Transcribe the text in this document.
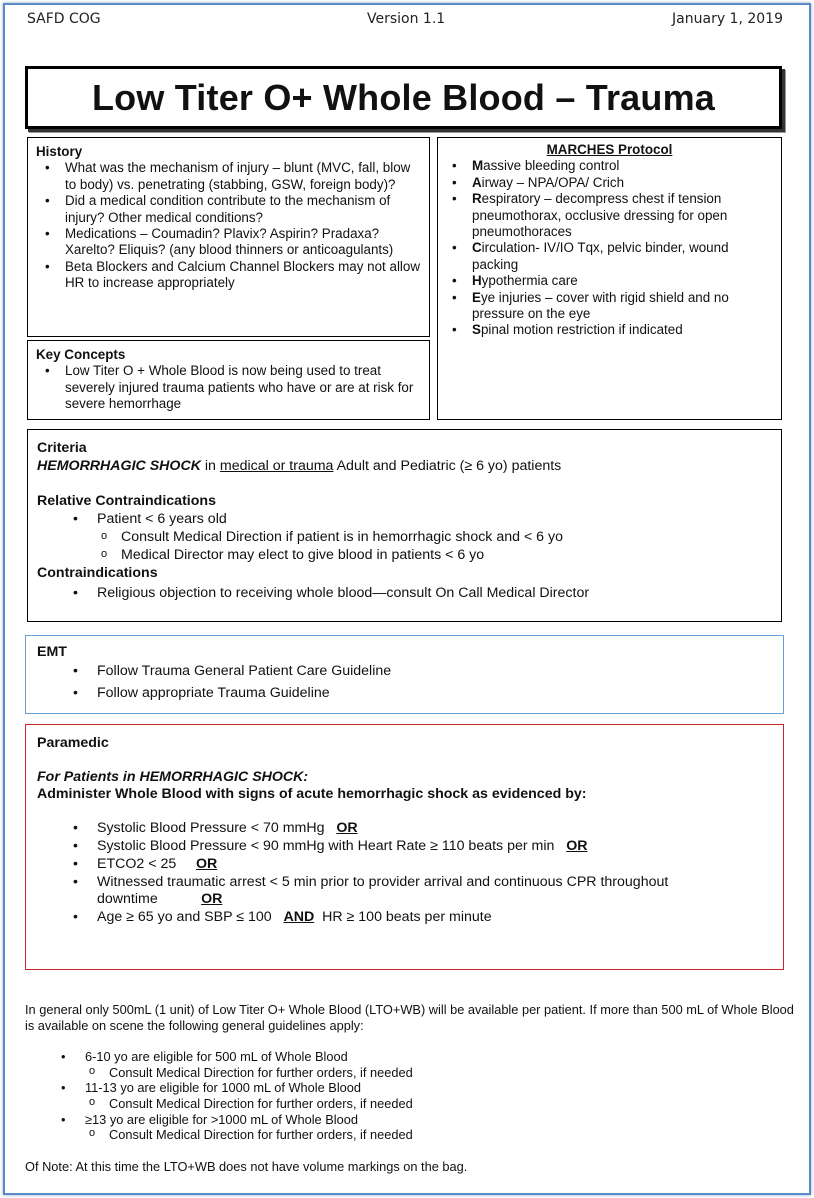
SAFD COG	Version 1.1	January 1, 2019
Low Titer O+ Whole Blood – Trauma
History
• What was the mechanism of injury – blunt (MVC, fall, blow to body) vs. penetrating (stabbing, GSW, foreign body)?
• Did a medical condition contribute to the mechanism of injury? Other medical conditions?
• Medications – Coumadin? Plavix? Aspirin? Pradaxa? Xarelto? Eliquis? (any blood thinners or anticoagulants)
• Beta Blockers and Calcium Channel Blockers may not allow HR to increase appropriately
Key Concepts
• Low Titer O + Whole Blood is now being used to treat severely injured trauma patients who have or are at risk for severe hemorrhage
MARCHES Protocol
• Massive bleeding control
• Airway – NPA/OPA/ Crich
• Respiratory – decompress chest if tension pneumothorax, occlusive dressing for open pneumothoraces
• Circulation- IV/IO Tqx, pelvic binder, wound packing
• Hypothermia care
• Eye injuries – cover with rigid shield and no pressure on the eye
• Spinal motion restriction if indicated
Criteria
HEMORRHAGIC SHOCK in medical or trauma Adult and Pediatric (≥ 6 yo) patients
Relative Contraindications
• Patient < 6 years old
o Consult Medical Direction if patient is in hemorrhagic shock and < 6 yo
o Medical Director may elect to give blood in patients < 6 yo
Contraindications
• Religious objection to receiving whole blood—consult On Call Medical Director
EMT
• Follow Trauma General Patient Care Guideline
• Follow appropriate Trauma Guideline
Paramedic
For Patients in HEMORRHAGIC SHOCK:
Administer Whole Blood with signs of acute hemorrhagic shock as evidenced by:
• Systolic Blood Pressure < 70 mmHg OR
• Systolic Blood Pressure < 90 mmHg with Heart Rate ≥ 110 beats per min OR
• ETCO2 < 25 OR
• Witnessed traumatic arrest < 5 min prior to provider arrival and continuous CPR throughout downtime	OR
• Age ≥ 65 yo and SBP ≤ 100 AND HR ≥ 100 beats per minute

In general only 500mL (1 unit) of Low Titer O+ Whole Blood (LTO+WB) will be available per patient. If more than 500 mL of Whole Blood is available on scene the following general guidelines apply:

• 6-10 yo are eligible for 500 mL of Whole Blood
o Consult Medical Direction for further orders, if needed
• 11-13 yo are eligible for 1000 mL of Whole Blood
o Consult Medical Direction for further orders, if needed
• ≥13 yo are eligible for >1000 mL of Whole Blood
o Consult Medical Direction for further orders, if needed

Of Note: At this time the LTO+WB does not have volume markings on the bag.
